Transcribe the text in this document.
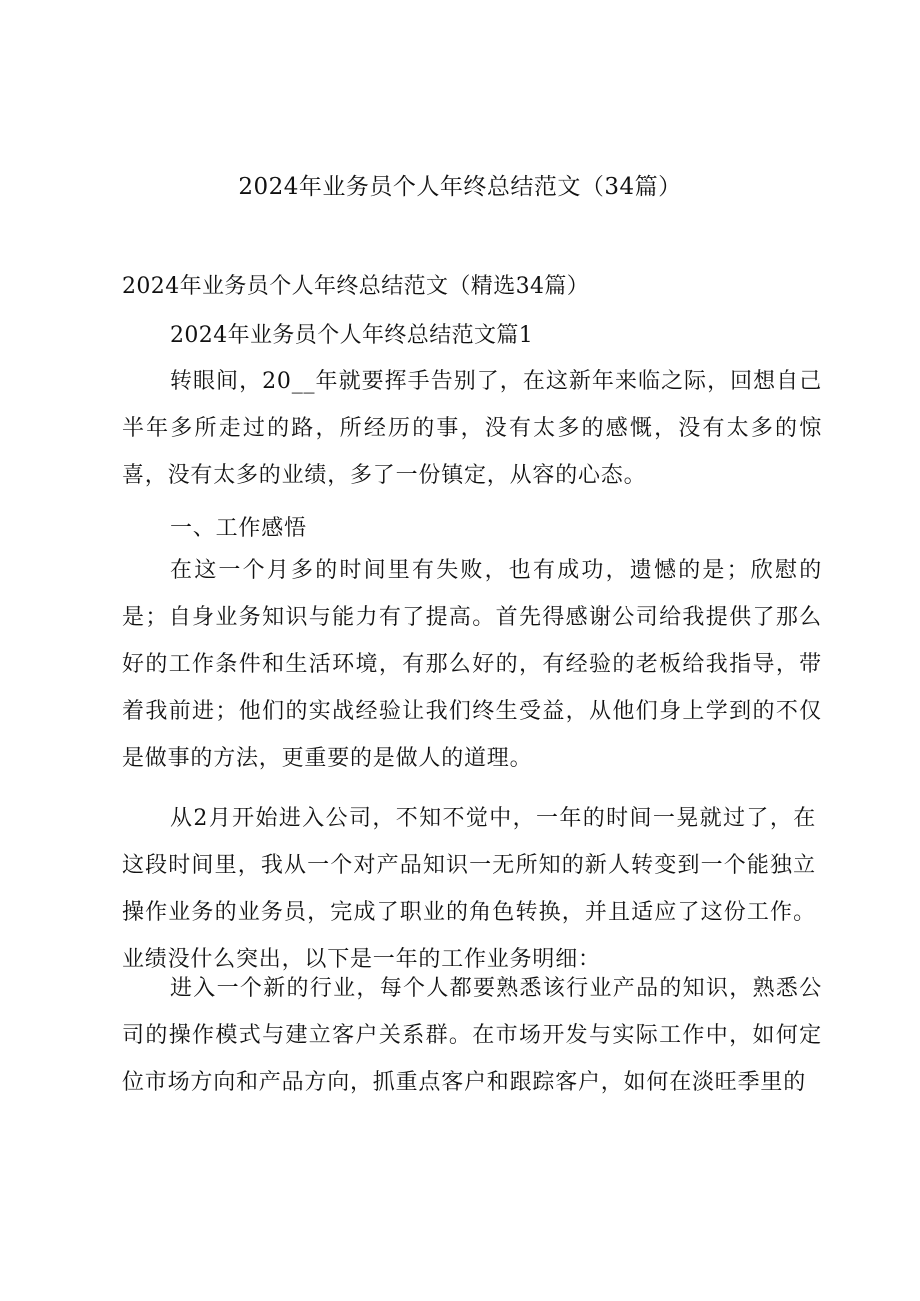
2024年业务员个人年终总结范文（34篇）
2024年业务员个人年终总结范文（精选34篇）
2024年业务员个人年终总结范文篇1

转眼间，20__年就要挥手告别了，在这新年来临之际，回想自己半年多所走过的路，所经历的事，没有太多的感慨，没有太多的惊喜，没有太多的业绩，多了一份镇定，从容的心态。

一、工作感悟

在这一个月多的时间里有失败，也有成功，遗憾的是；欣慰的是；自身业务知识与能力有了提高。首先得感谢公司给我提供了那么好的工作条件和生活环境，有那么好的，有经验的老板给我指导，带着我前进；他们的实战经验让我们终生受益，从他们身上学到的不仅是做事的方法，更重要的是做人的道理。

从2月开始进入公司，不知不觉中，一年的时间一晃就过了，在这段时间里，我从一个对产品知识一无所知的新人转变到一个能独立操作业务的业务员，完成了职业的角色转换，并且适应了这份工作。业绩没什么突出，以下是一年的工作业务明细：

进入一个新的行业，每个人都要熟悉该行业产品的知识，熟悉公司的操作模式与建立客户关系群。在市场开发与实际工作中，如何定位市场方向和产品方向，抓重点客户和跟踪客户，如何在淡旺季里的
